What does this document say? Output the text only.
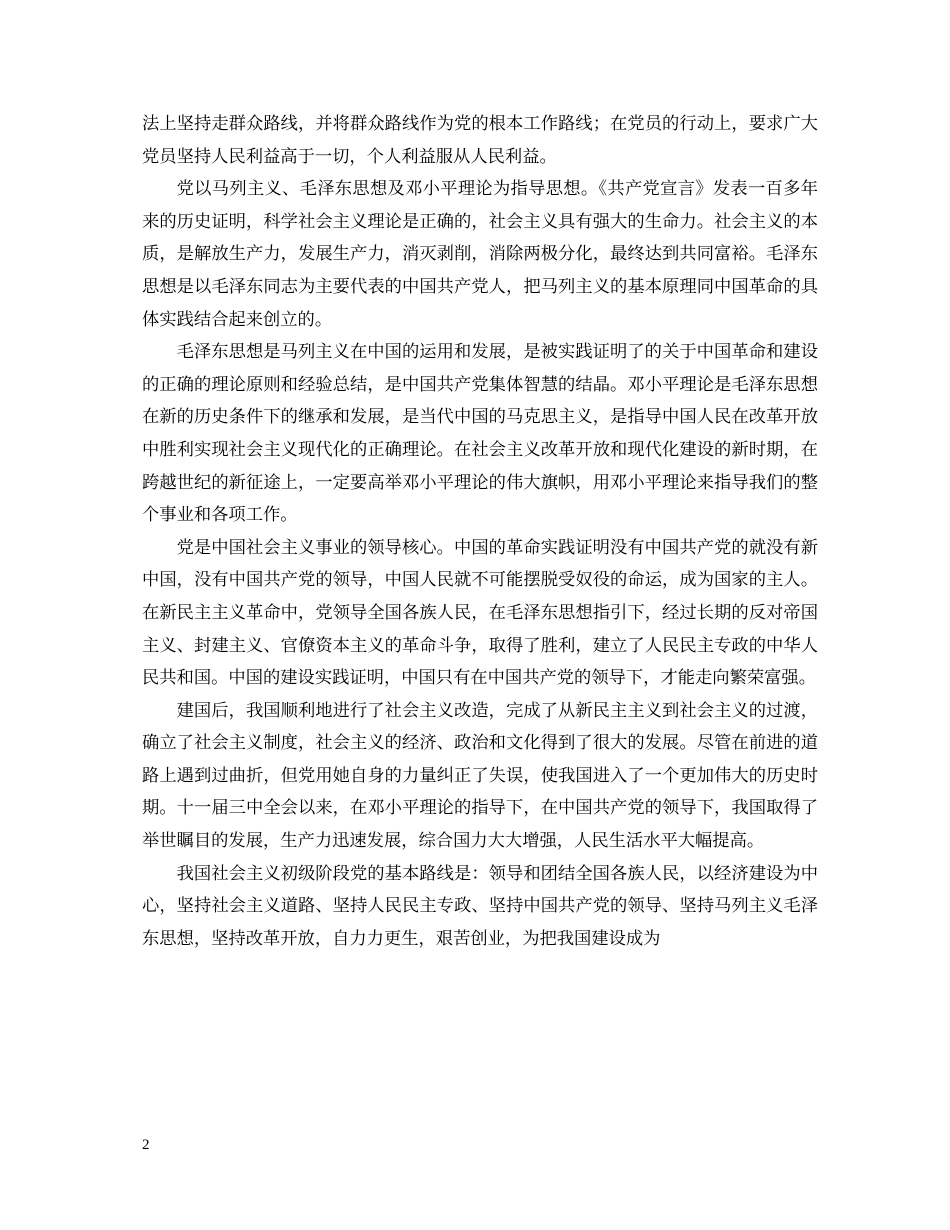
法上坚持走群众路线，并将群众路线作为党的根本工作路线；在党员的行动上，要求广大党员坚持人民利益高于一切，个人利益服从人民利益。

党以马列主义、毛泽东思想及邓小平理论为指导思想。《共产党宣言》发表一百多年来的历史证明，科学社会主义理论是正确的，社会主义具有强大的生命力。社会主义的本质，是解放生产力，发展生产力，消灭剥削，消除两极分化，最终达到共同富裕。毛泽东思想是以毛泽东同志为主要代表的中国共产党人，把马列主义的基本原理同中国革命的具体实践结合起来创立的。

毛泽东思想是马列主义在中国的运用和发展，是被实践证明了的关于中国革命和建设的正确的理论原则和经验总结，是中国共产党集体智慧的结晶。邓小平理论是毛泽东思想在新的历史条件下的继承和发展，是当代中国的马克思主义，是指导中国人民在改革开放中胜利实现社会主义现代化的正确理论。在社会主义改革开放和现代化建设的新时期，在跨越世纪的新征途上，一定要高举邓小平理论的伟大旗帜，用邓小平理论来指导我们的整个事业和各项工作。

党是中国社会主义事业的领导核心。中国的革命实践证明没有中国共产党的就没有新中国，没有中国共产党的领导，中国人民就不可能摆脱受奴役的命运，成为国家的主人。在新民主主义革命中，党领导全国各族人民，在毛泽东思想指引下，经过长期的反对帝国主义、封建主义、官僚资本主义的革命斗争，取得了胜利，建立了人民民主专政的中华人民共和国。中国的建设实践证明，中国只有在中国共产党的领导下，才能走向繁荣富强。

建国后，我国顺利地进行了社会主义改造，完成了从新民主主义到社会主义的过渡，确立了社会主义制度，社会主义的经济、政治和文化得到了很大的发展。尽管在前进的道路上遇到过曲折，但党用她自身的力量纠正了失误，使我国进入了一个更加伟大的历史时期。十一届三中全会以来，在邓小平理论的指导下，在中国共产党的领导下，我国取得了举世瞩目的发展，生产力迅速发展，综合国力大大增强，人民生活水平大幅提高。

我国社会主义初级阶段党的基本路线是：领导和团结全国各族人民，以经济建设为中心，坚持社会主义道路、坚持人民民主专政、坚持中国共产党的领导、坚持马列主义毛泽东思想，坚持改革开放，自力力更生，艰苦创业，为把我国建设成为

2
